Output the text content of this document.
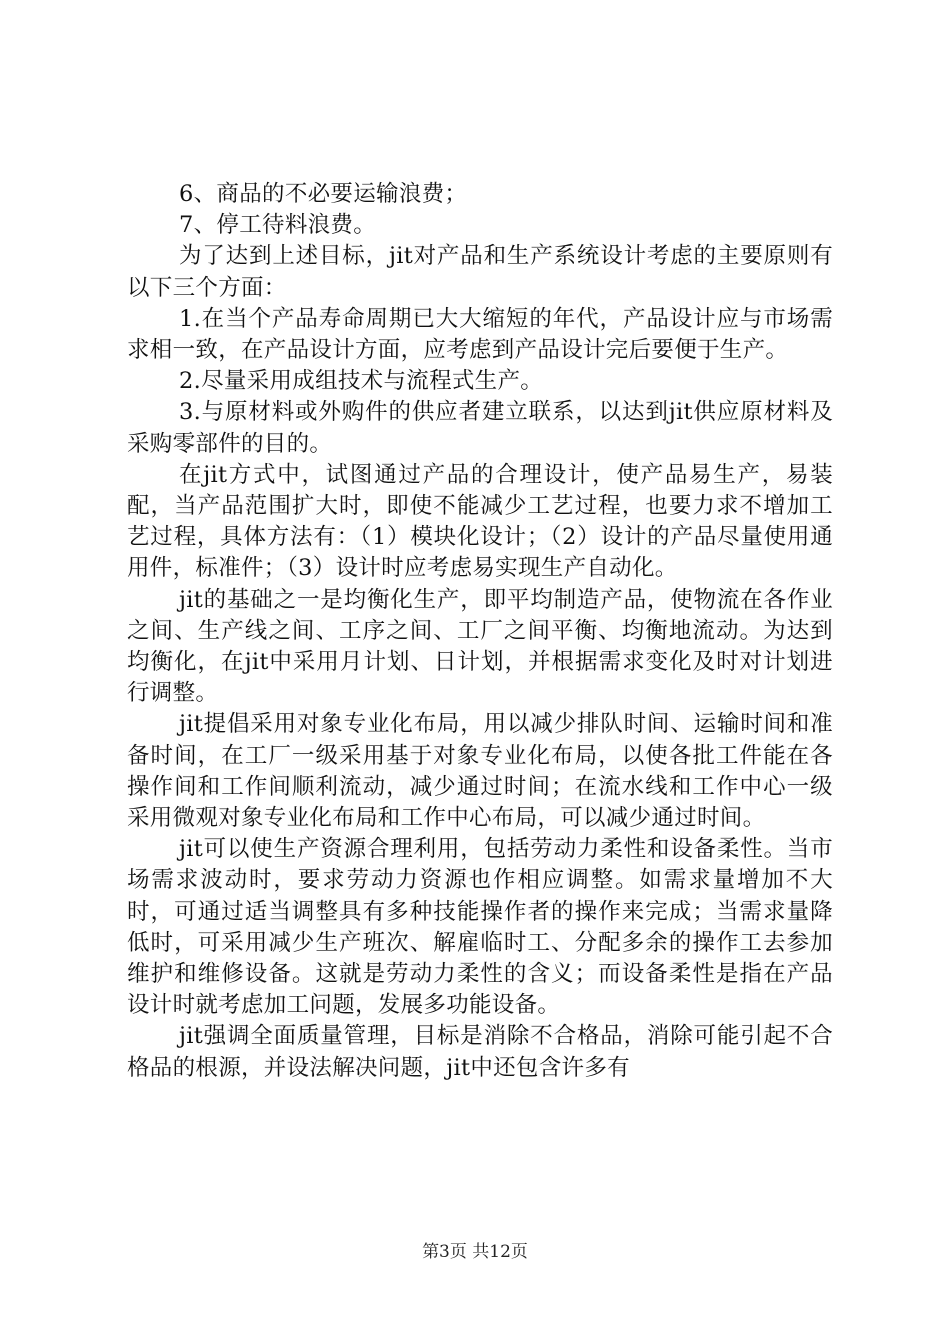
6、商品的不必要运输浪费；

7、停工待料浪费。

为了达到上述目标，jit对产品和生产系统设计考虑的主要原则有以下三个方面：

1.在当个产品寿命周期已大大缩短的年代，产品设计应与市场需求相一致，在产品设计方面，应考虑到产品设计完后要便于生产。

2.尽量采用成组技术与流程式生产。

3.与原材料或外购件的供应者建立联系，以达到jit供应原材料及采购零部件的目的。

在jit方式中，试图通过产品的合理设计，使产品易生产，易装配，当产品范围扩大时，即使不能减少工艺过程，也要力求不增加工艺过程，具体方法有：（1）模块化设计；（2）设计的产品尽量使用通用件，标准件；（3）设计时应考虑易实现生产自动化。

jit的基础之一是均衡化生产，即平均制造产品，使物流在各作业之间、生产线之间、工序之间、工厂之间平衡、均衡地流动。为达到均衡化，在jit中采用月计划、日计划，并根据需求变化及时对计划进行调整。

jit提倡采用对象专业化布局，用以减少排队时间、运输时间和准备时间，在工厂一级采用基于对象专业化布局，以使各批工件能在各操作间和工作间顺利流动，减少通过时间；在流水线和工作中心一级采用微观对象专业化布局和工作中心布局，可以减少通过时间。

jit可以使生产资源合理利用，包括劳动力柔性和设备柔性。当市场需求波动时，要求劳动力资源也作相应调整。如需求量增加不大时，可通过适当调整具有多种技能操作者的操作来完成；当需求量降低时，可采用减少生产班次、解雇临时工、分配多余的操作工去参加维护和维修设备。这就是劳动力柔性的含义；而设备柔性是指在产品设计时就考虑加工问题，发展多功能设备。

jit强调全面质量管理，目标是消除不合格品，消除可能引起不合格品的根源，并设法解决问题，jit中还包含许多有

第3页 共12页
